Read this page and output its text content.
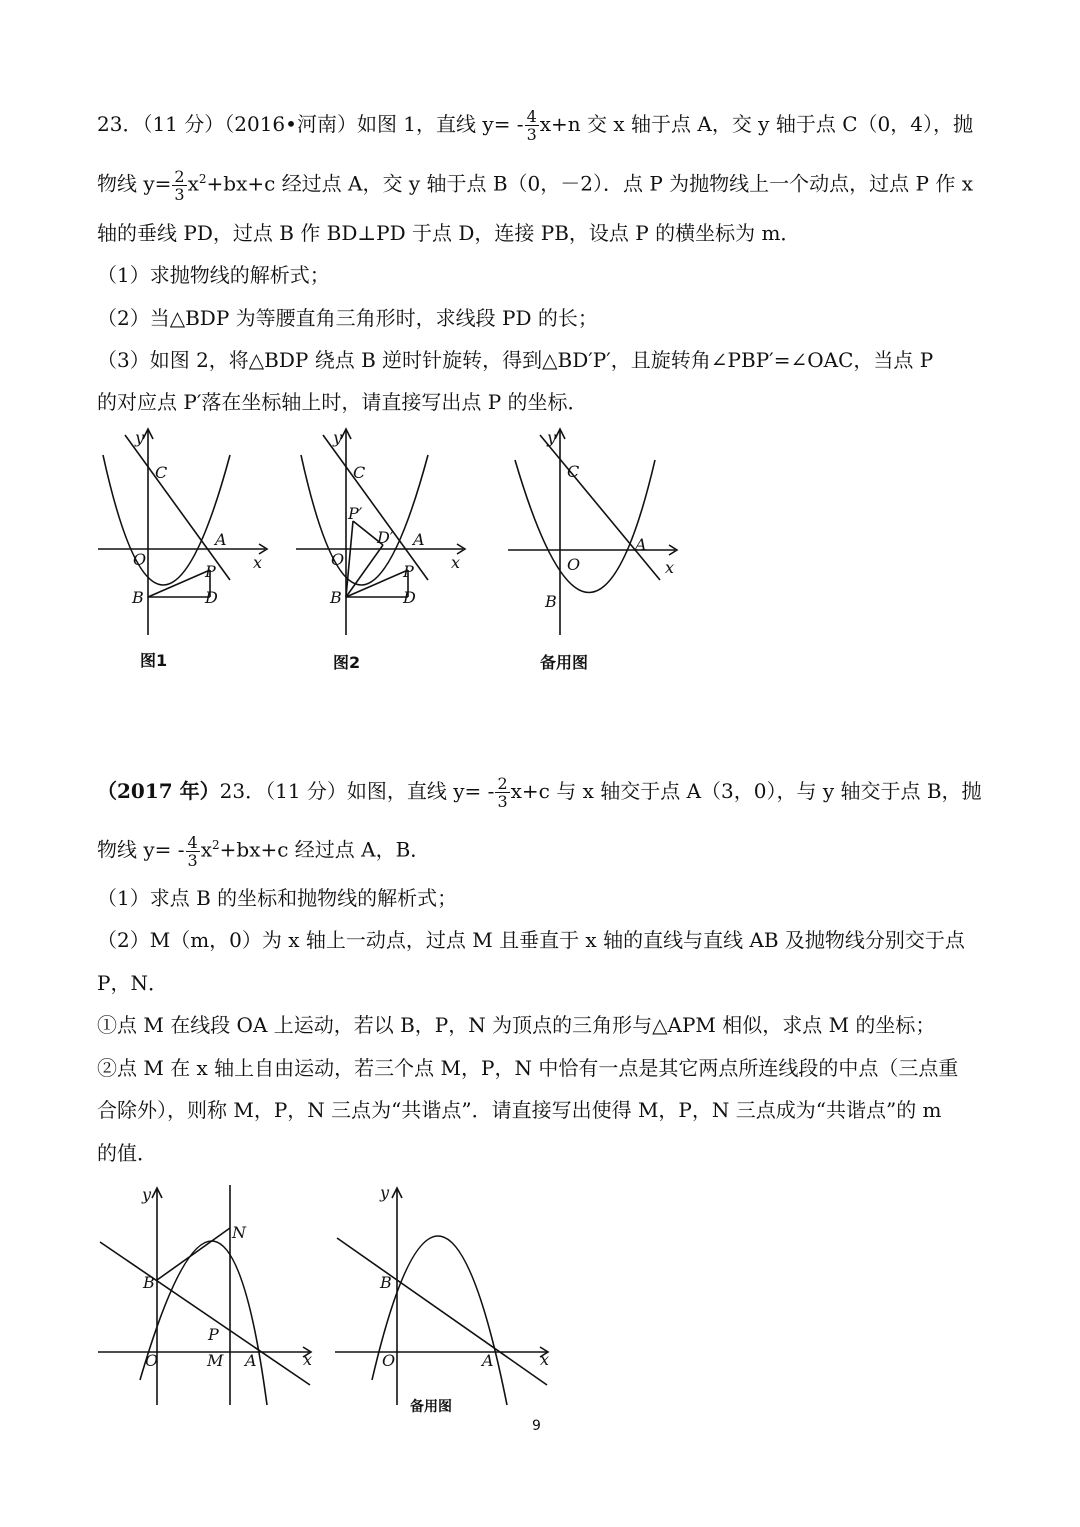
23．（11 分）（2016•河南）如图 1，直线 $y= - \frac{4}{3} x+n$ 交 x 轴于点 A，交 y 轴于点 C（0，4），抛
物线 $y= \frac{2}{3} x^2+bx+c$ 经过点 A，交 y 轴于点 B（0，－2）．点 P 为抛物线上一个动点，过点 P 作 x
轴的垂线 PD，过点 B 作 BD⊥PD 于点 D，连接 PB，设点 P 的横坐标为 m．
（1）求抛物线的解析式；
（2）当△BDP 为等腰直角三角形时，求线段 PD 的长；
（3）如图 2，将△BDP 绕点 B 逆时针旋转，得到△BD′P′，且旋转角∠PBP′=∠OAC，当点 P
的对应点 P′落在坐标轴上时，请直接写出点 P 的坐标．
y
x
C
A
O
B
P
D
图1
y
x
C
A
O
B
P
D
P′
D′
图2
y
x
C
A
O
B
备用图
（2017 年）23．（11 分）如图，直线 $y= - \frac{2}{3} x+c$ 与 x 轴交于点 A（3，0），与 y 轴交于点 B，抛
物线 $y= - \frac{4}{3} x^2+bx+c$ 经过点 A，B．
（1）求点 B 的坐标和抛物线的解析式；
（2）M（m，0）为 x 轴上一动点，过点 M 且垂直于 x 轴的直线与直线 AB 及抛物线分别交于点
P，N．
①点 M 在线段 OA 上运动，若以 B，P，N 为顶点的三角形与△APM 相似，求点 M 的坐标；
②点 M 在 x 轴上自由运动，若三个点 M，P，N 中恰有一点是其它两点所连线段的中点（三点重
合除外），则称 M，P，N 三点为“共谐点”．请直接写出使得 M，P，N 三点成为“共谐点”的 m
的值．
y
x
N
B
P
O	M A
y
x
B
O	A
备用图
9
